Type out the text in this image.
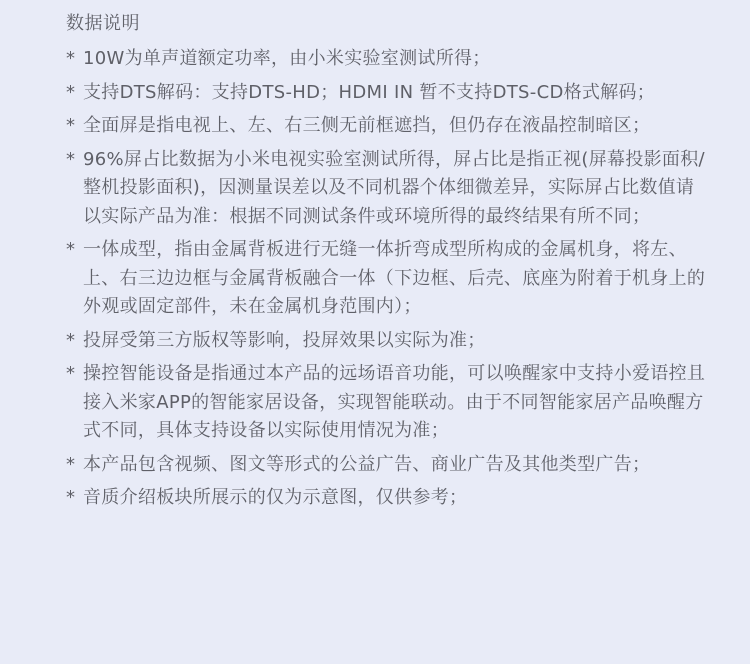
数据说明
* 10W为单声道额定功率，由小米实验室测试所得；
* 支持DTS解码：支持DTS-HD；HDMI IN 暂不支持DTS-CD格式解码；
* 全面屏是指电视上、左、右三侧无前框遮挡，但仍存在液晶控制暗区；
* 96%屏占比数据为小米电视实验室测试所得，屏占比是指正视(屏幕投影面积/整机投影面积)，因测量误差以及不同机器个体细微差异，实际屏占比数值请以实际产品为准：根据不同测试条件或环境所得的最终结果有所不同；
* 一体成型，指由金属背板进行无缝一体折弯成型所构成的金属机身，将左、上、右三边边框与金属背板融合一体（下边框、后壳、底座为附着于机身上的外观或固定部件，未在金属机身范围内）；
* 投屏受第三方版权等影响，投屏效果以实际为准；
* 操控智能设备是指通过本产品的远场语音功能，可以唤醒家中支持小爱语控且接入米家APP的智能家居设备，实现智能联动。由于不同智能家居产品唤醒方式不同，具体支持设备以实际使用情况为准；
* 本产品包含视频、图文等形式的公益广告、商业广告及其他类型广告；
* 音质介绍板块所展示的仅为示意图，仅供参考；
